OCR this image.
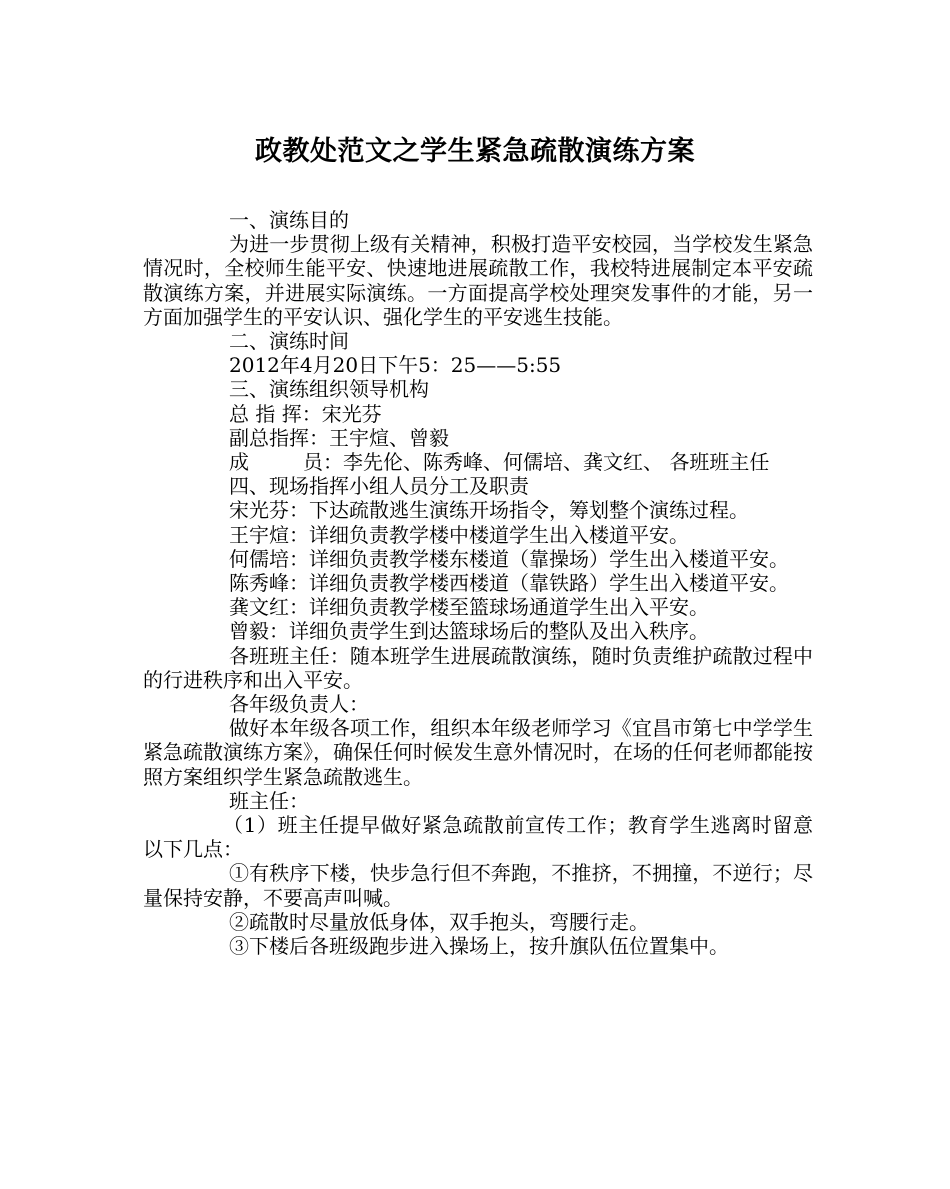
政教处范文之学生紧急疏散演练方案

一、演练目的

为进一步贯彻上级有关精神，积极打造平安校园，当学校发生紧急情况时，全校师生能平安、快速地进展疏散工作，我校特进展制定本平安疏散演练方案，并进展实际演练。一方面提高学校处理突发事件的才能，另一方面加强学生的平安认识、强化学生的平安逃生技能。

二、演练时间

2012年4月20日下午5：25——5:55

三、演练组织领导机构

总 指 挥：宋光芬

副总指挥：王宇煊、曾毅

成	员：李先伦、陈秀峰、何儒培、龚文红、 各班班主任

四、现场指挥小组人员分工及职责

宋光芬：下达疏散逃生演练开场指令，筹划整个演练过程。

王宇煊：详细负责教学楼中楼道学生出入楼道平安。

何儒培：详细负责教学楼东楼道（靠操场）学生出入楼道平安。

陈秀峰：详细负责教学楼西楼道（靠铁路）学生出入楼道平安。

龚文红：详细负责教学楼至篮球场通道学生出入平安。

曾毅：详细负责学生到达篮球场后的整队及出入秩序。

各班班主任：随本班学生进展疏散演练，随时负责维护疏散过程中的行进秩序和出入平安。

各年级负责人：

做好本年级各项工作，组织本年级老师学习《宜昌市第七中学学生紧急疏散演练方案》，确保任何时候发生意外情况时，在场的任何老师都能按照方案组织学生紧急疏散逃生。

班主任：

（1）班主任提早做好紧急疏散前宣传工作；教育学生逃离时留意以下几点：

①有秩序下楼，快步急行但不奔跑，不推挤，不拥撞，不逆行；尽量保持安静，不要高声叫喊。

②疏散时尽量放低身体，双手抱头，弯腰行走。

③下楼后各班级跑步进入操场上，按升旗队伍位置集中。
